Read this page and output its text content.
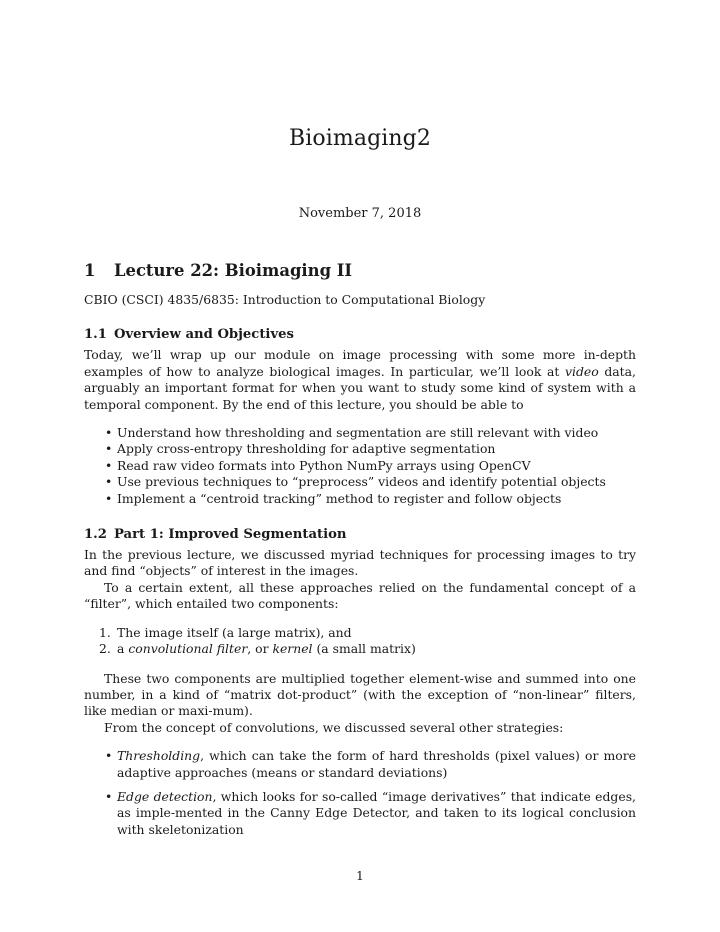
Bioimaging2
November 7, 2018
1 Lecture 22: Bioimaging II

CBIO (CSCI) 4835/6835: Introduction to Computational Biology

1.1 Overview and Objectives

Today, we’ll wrap up our module on image processing with some more in-depth examples of how to analyze biological images. In particular, we’ll look at video data, arguably an important format for when you want to study some kind of system with a temporal component. By the end of this lecture, you should be able to

• Understand how thresholding and segmentation are still relevant with video
• Apply cross-entropy thresholding for adaptive segmentation
• Read raw video formats into Python NumPy arrays using OpenCV
• Use previous techniques to “preprocess” videos and identify potential objects
• Implement a “centroid tracking” method to register and follow objects
1.2 Part 1: Improved Segmentation

In the previous lecture, we discussed myriad techniques for processing images to try and find “objects” of interest in the images.

To a certain extent, all these approaches relied on the fundamental concept of a “filter”, which entailed two components:

1. The image itself (a large matrix), and
2. a convolutional filter, or kernel (a small matrix)

These two components are multiplied together element-wise and summed into one number, in a kind of “matrix dot-product” (with the exception of “non-linear” filters, like median or maxi-mum).

From the concept of convolutions, we discussed several other strategies:

• Thresholding, which can take the form of hard thresholds (pixel values) or more adaptive approaches (means or standard deviations)
• Edge detection, which looks for so-called “image derivatives” that indicate edges, as imple-mented in the Canny Edge Detector, and taken to its logical conclusion with skeletonization
1
